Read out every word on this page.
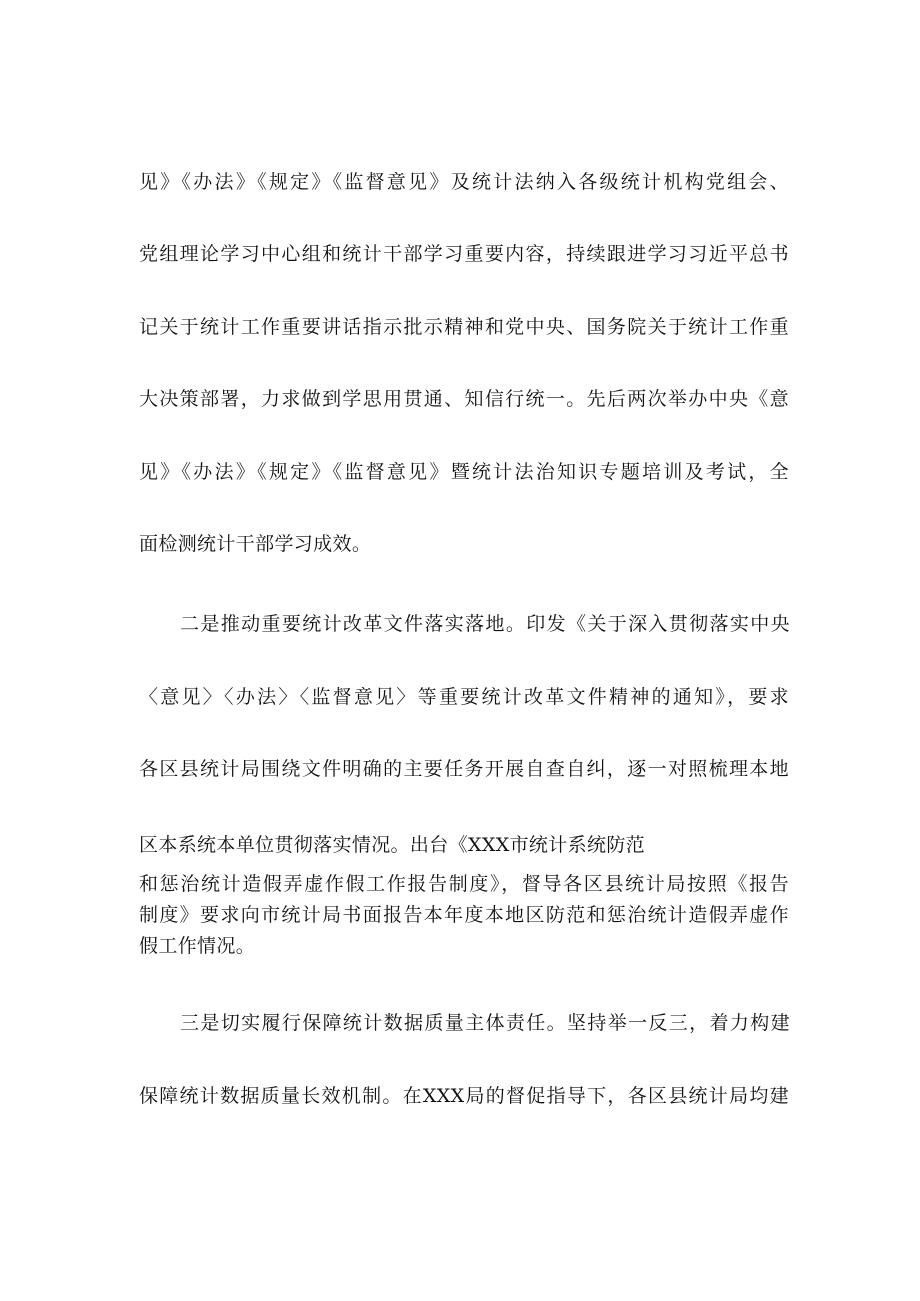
见》《办法》《规定》《监督意见》及统计法纳入各级统计机构党组会、
党组理论学习中心组和统计干部学习重要内容，持续跟进学习习近平总书
记关于统计工作重要讲话指示批示精神和党中央、国务院关于统计工作重
大决策部署，力求做到学思用贯通、知信行统一。先后两次举办中央《意
见》《办法》《规定》《监督意见》暨统计法治知识专题培训及考试，全
面检测统计干部学习成效。
二是推动重要统计改革文件落实落地。印发《关于深入贯彻落实中央
〈意见〉〈办法〉〈监督意见〉等重要统计改革文件精神的通知》，要求
各区县统计局围绕文件明确的主要任务开展自查自纠，逐一对照梳理本地
区本系统本单位贯彻落实情况。出台《XXX市统计系统防范
和惩治统计造假弄虚作假工作报告制度》，督导各区县统计局按照《报告
制度》要求向市统计局书面报告本年度本地区防范和惩治统计造假弄虚作
假工作情况。
三是切实履行保障统计数据质量主体责任。坚持举一反三，着力构建
保障统计数据质量长效机制。在XXX局的督促指导下，各区县统计局均建
